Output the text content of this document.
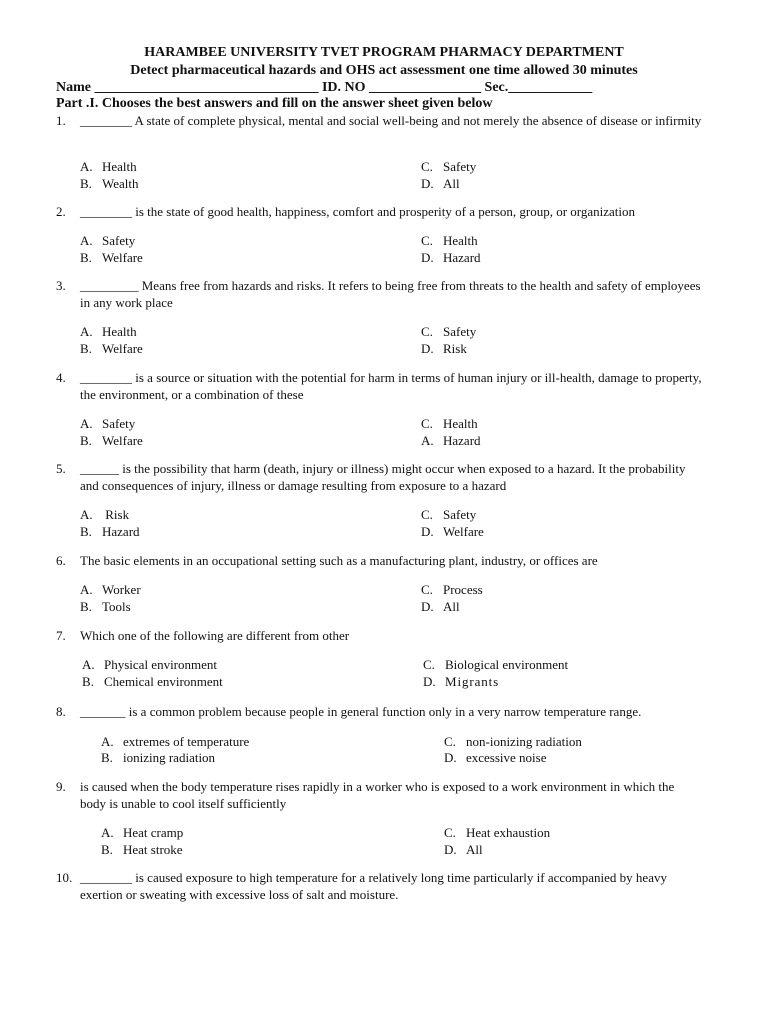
HARAMBEE UNIVERSITY TVET PROGRAM PHARMACY DEPARTMENT
Detect pharmaceutical hazards and OHS act assessment one time allowed 30 minutes
Name ________________________________ ID. NO ________________ Sec.____________
Part .I. Chooses the best answers and fill on the answer sheet given below
1. ________ A state of complete physical, mental and social well-being and not merely the absence of disease or infirmity
A. Health
B. Wealth
C. Safety
D. All
2. ________ is the state of good health, happiness, comfort and prosperity of a person, group, or organization
A. Safety
B. Welfare
C. Health
D. Hazard
3. _________ Means free from hazards and risks. It refers to being free from threats to the health and safety of employees in any work place
A. Health
B. Welfare
C. Safety
D. Risk
4. ________ is a source or situation with the potential for harm in terms of human injury or ill-health, damage to property, the environment, or a combination of these
A. Safety
B. Welfare
C. Health
A. Hazard
5. ______ is the possibility that harm (death, injury or illness) might occur when exposed to a hazard. It the probability and consequences of injury, illness or damage resulting from exposure to a hazard
A. Risk
B. Hazard
C. Safety
D. Welfare
6. The basic elements in an occupational setting such as a manufacturing plant, industry, or offices are
A. Worker
B. Tools
C. Process
D. All
7. Which one of the following are different from other
A. Physical environment
B. Chemical environment
C. Biological environment
D. Migrants
8. _______ is a common problem because people in general function only in a very narrow temperature range.
A. extremes of temperature
B. ionizing radiation
C. non-ionizing radiation
D. excessive noise
9. is caused when the body temperature rises rapidly in a worker who is exposed to a work environment in which the body is unable to cool itself sufficiently
A. Heat cramp
B. Heat stroke
C. Heat exhaustion
D. All
10. ________ is caused exposure to high temperature for a relatively long time particularly if accompanied by heavy exertion or sweating with excessive loss of salt and moisture.
